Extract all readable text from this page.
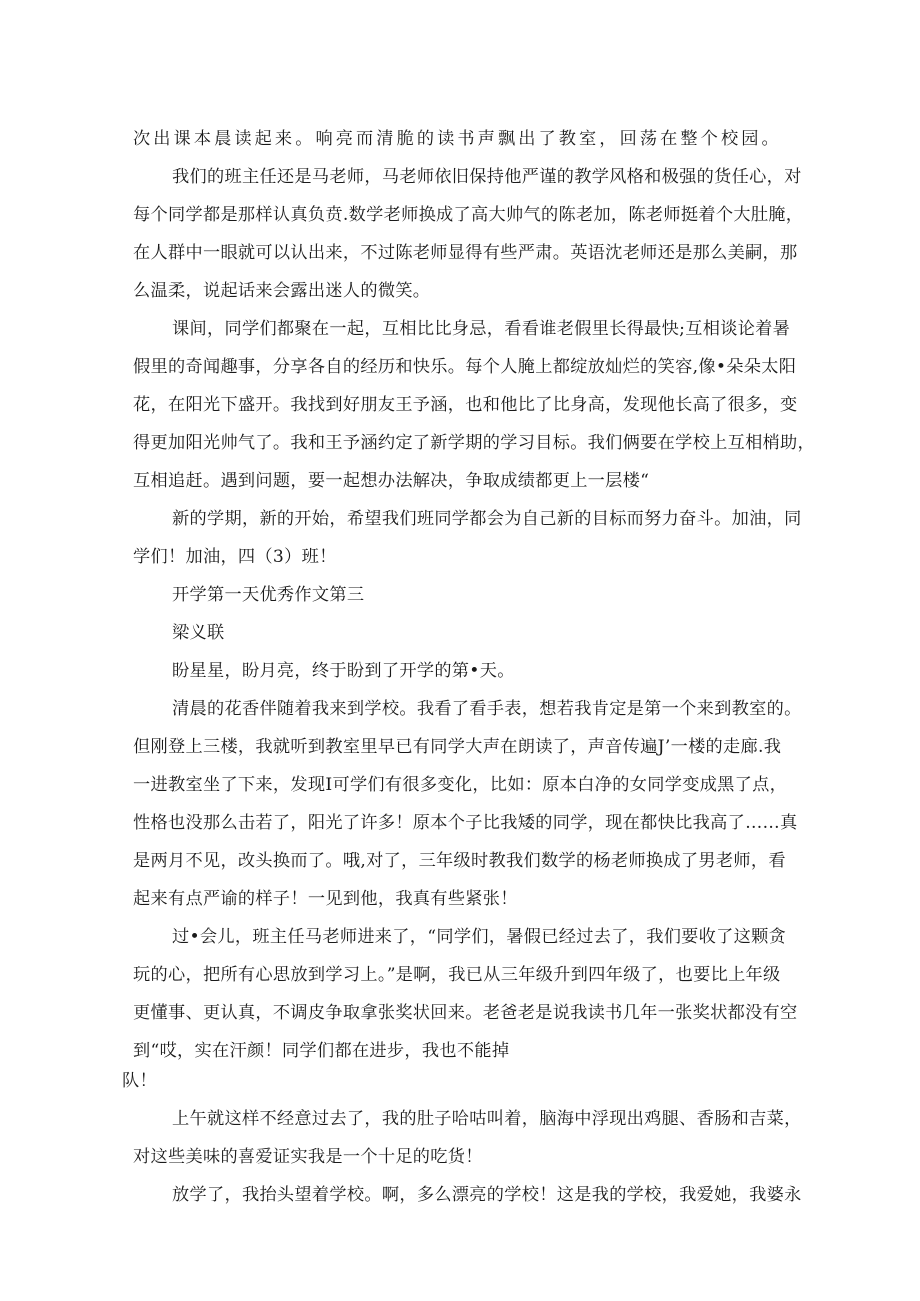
次出课本晨读起来。响亮而清脆的读书声飘出了教室，回荡在整个校园。
我们的班主任还是马老师，马老师依旧保持他严谨的教学风格和极强的货任心，对
每个同学都是那样认真负贲.数学老师换成了高大帅气的陈老加，陈老师挺着个大肚腌，
在人群中一眼就可以认出来，不过陈老师显得有些严肃。英语沈老师还是那么美嗣，那
么温柔，说起话来会露出迷人的微笑。
课间，同学们都聚在一起，互相比比身忌，看看谁老假里长得最快;互相谈论着暑
假里的奇闻趣事，分享各自的经历和快乐。每个人腌上都绽放灿烂的笑容,像•朵朵太阳
花，在阳光下盛开。我找到好朋友王予涵，也和他比了比身高，发现他长高了很多，变
得更加阳光帅气了。我和王予涵约定了新学期的学习目标。我们俩要在学校上互相梢助，
互相追赶。遇到问题，要一起想办法解决，争取成绩都更上一层楼“
新的学期，新的开始，希望我们班同学都会为自己新的目标而努力奋斗。加油，同
学们！加油，四（3）班！
开学第一天优秀作文第三
梁义联
盼星星，盼月亮，终于盼到了开学的第•天。
清晨的花香伴随着我来到学校。我看了看手表，想若我肯定是第一个来到教室的。
但刚登上三楼，我就听到教室里早已有同学大声在朗读了，声音传遍J’一楼的走廊.我
一进教室坐了下来，发现I可学们有很多变化，比如：原本白净的女同学变成黑了点，
性格也没那么击若了，阳光了许多！原本个子比我矮的同学，现在都快比我高了……真
是两月不见，改头换而了。哦,对了，三年级时教我们数学的杨老师换成了男老师，看
起来有点严谕的样子！一见到他，我真有些紧张！
过•会儿，班主任马老师进来了，“同学们，暑假已经过去了，我们要收了这颗贪
玩的心，把所有心思放到学习上。”是啊，我已从三年级升到四年级了，也要比上年级
更懂事、更认真，不调皮争取拿张奖状回来。老爸老是说我读书几年一张奖状都没有空
到“哎，实在汗颜！同学们都在进步，我也不能掉
队！
上午就这样不经意过去了，我的肚子哈咕叫着，脑海中浮现出鸡腿、香肠和吉菜，
对这些美味的喜爱证实我是一个十足的吃货！
放学了，我抬头望着学校。啊，多么漂亮的学校！这是我的学校，我爱她，我婆永
